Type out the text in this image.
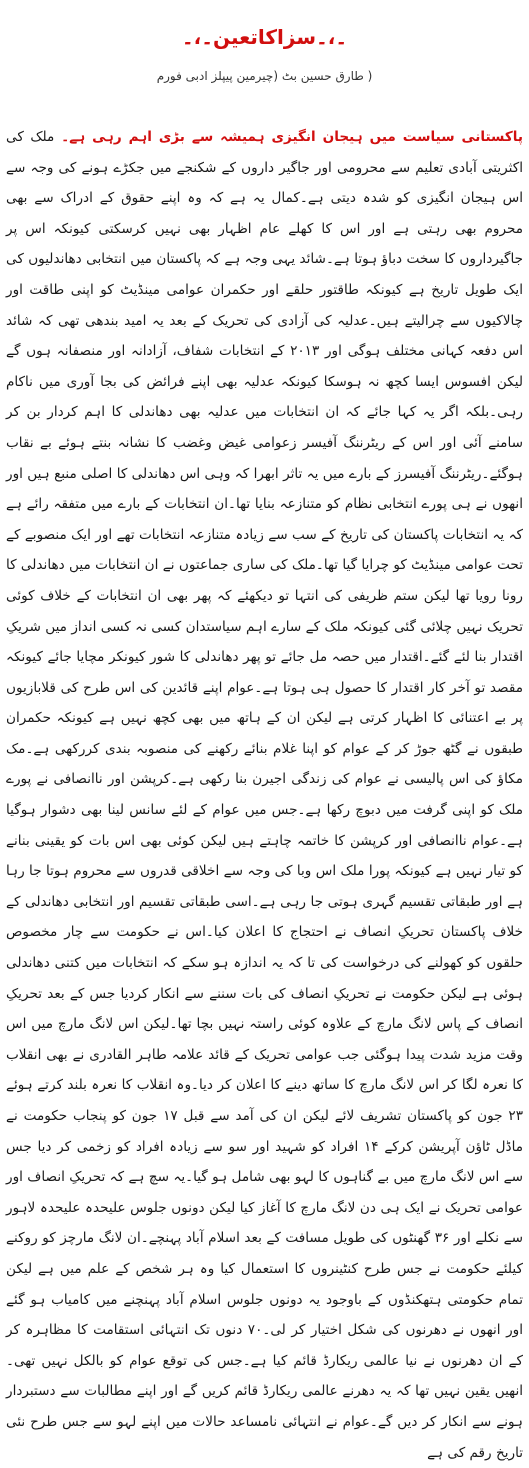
۔،۔سزاکاتعین۔،۔
( طارق حسین بٹ (چیرمین پیپلز ادبی فورم
پاکستانی سیاست میں ہیجان انگیزی ہمیشہ سے بڑی اہم رہی ہے۔ ملک کی اکثریتی آبادی تعلیم سے محرومی اور جاگیر داروں کے شکنجے میں جکڑے ہونے کی وجہ سے اس ہیجان انگیزی کو شدہ دیتی ہے۔کمال یہ ہے کہ وہ اپنے حقوق کے ادراک سے بھی محروم بھی رہتی ہے اور اس کا کھلے عام اظہار بھی نہیں کرسکتی کیونکہ اس پر جاگیرداروں کا سخت دباؤ ہوتا ہے۔شائد یہی وجہ ہے کہ پاکستان میں انتخابی دھاندلیوں کی ایک طویل تاریخ ہے کیونکہ طاقتور حلقے اور حکمران عوامی مینڈیٹ کو اپنی طاقت اور چالاکیوں سے چرالیتے ہیں۔عدلیہ کی آزادی کی تحریک کے بعد یہ امید بندھی تھی کہ شائد اس دفعہ کہانی مختلف ہوگی اور ۲۰۱۳ کے انتخابات شفاف، آزادانہ اور منصفانہ ہوں گے لیکن افسوس ایسا کچھ نہ ہوسکا کیونکہ عدلیہ بھی اپنے فرائض کی بجا آوری میں ناکام رہی۔بلکہ اگر یہ کہا جائے کہ ان انتخابات میں عدلیہ بھی دھاندلی کا اہم کردار بن کر سامنے آئی اور اس کے ریٹرننگ آفیسر زعوامی غیض وغضب کا نشانہ بنتے ہوئے بے نقاب ہوگئے۔ریٹرننگ آفیسرز کے بارے میں یہ تاثر ابھرا کہ وہی اس دھاندلی کا اصلی منبع ہیں اور انھوں نے ہی پورے انتخابی نظام کو متنازعہ بنایا تھا۔ان انتخابات کے بارے میں متفقہ رائے ہے کہ یہ انتخابات پاکستان کی تاریخ کے سب سے زیادہ متنازعہ انتخابات تھے اور ایک منصوبے کے تحت عوامی مینڈیٹ کو چرایا گیا تھا۔ملک کی ساری جماعتوں نے ان انتخابات میں دھاندلی کا رونا رویا تھا لیکن ستم ظریفی کی انتہا تو دیکھئے کہ پھر بھی ان انتخابات کے خلاف کوئی تحریک نہیں چلائی گئی کیونکہ ملک کے سارے اہم سیاستدان کسی نہ کسی انداز میں شریکِ اقتدار بنا لئے گئے۔اقتدار میں حصہ مل جائے تو پھر دھاندلی کا شور کیونکر مچایا جائے کیونکہ مقصد تو آخر کار اقتدار کا حصول ہی ہوتا ہے۔عوام اپنے قائدین کی اس طرح کی قلابازیوں پر بے اعتنائی کا اظہار کرتی ہے لیکن ان کے ہاتھ میں بھی کچھ نہیں ہے کیونکہ حکمران طبقوں نے گٹھ جوڑ کر کے عوام کو اپنا غلام بنائے رکھنے کی منصوبہ بندی کررکھی ہے۔مک مکاؤ کی اس پالیسی نے عوام کی زندگی اجیرن بنا رکھی ہے۔کرپشن اور ناانصافی نے پورے ملک کو اپنی گرفت میں دبوچ رکھا ہے۔جس میں عوام کے لئے سانس لینا بھی دشوار ہوگیا ہے۔عوام ناانصافی اور کرپشن کا خاتمہ چاہتے ہیں لیکن کوئی بھی اس بات کو یقینی بنانے کو تیار نہیں ہے کیونکہ پورا ملک اس وبا کی وجہ سے اخلاقی قدروں سے محروم ہوتا جا رہا ہے اور طبقاتی تقسیم گہری ہوتی جا رہی ہے۔اسی طبقاتی تقسیم اور انتخابی دھاندلی کے خلاف پاکستان تحریکِ انصاف نے احتجاج کا اعلان کیا۔اس نے حکومت سے چار مخصوص حلقوں کو کھولنے کی درخواست کی تا کہ یہ اندازہ ہو سکے کہ انتخابات میں کتنی دھاندلی ہوئی ہے لیکن حکومت نے تحریکِ انصاف کی بات سننے سے انکار کردیا جس کے بعد تحریکِ انصاف کے پاس لانگ مارچ کے علاوہ کوئی راستہ نہیں بچا تھا۔لیکن اس لانگ مارچ میں اس وقت مزید شدت پیدا ہوگئی جب عوامی تحریک کے قائد علامہ طاہر القادری نے بھی انقلاب کا نعرہ لگا کر اس لانگ مارچ کا ساتھ دینے کا اعلان کر دیا۔وہ انقلاب کا نعرہ بلند کرتے ہوئے ۲۳ جون کو پاکستان تشریف لائے لیکن ان کی آمد سے قبل ۱۷ جون کو پنجاب حکومت نے ماڈل ٹاؤن آپریشن کرکے ۱۴ افراد کو شہید اور سو سے زیادہ افراد کو زخمی کر دیا جس سے اس لانگ مارچ میں بے گناہوں کا لہو بھی شامل ہو گیا۔یہ سچ ہے کہ تحریکِ انصاف اور عوامی تحریک نے ایک ہی دن لانگ مارچ کا آغاز کیا لیکن دونوں جلوس علیحدہ علیحدہ لاہور سے نکلے اور ۳۶ گھنٹوں کی طویل مسافت کے بعد اسلام آباد پہنچے۔ان لانگ مارچز کو روکنے کیلئے حکومت نے جس طرح کنٹینروں کا استعمال کیا وہ ہر شخص کے علم میں ہے لیکن تمام حکومتی ہتھکنڈوں کے باوجود یہ دونوں جلوس اسلام آباد پہنچنے میں کامیاب ہو گئے اور انھوں نے دھرنوں کی شکل اختیار کر لی۔۷۰ دنوں تک انتہائی استقامت کا مظاہرہ کر کے ان دھرنوں نے نیا عالمی ریکارڈ قائم کیا ہے۔جس کی توقع عوام کو بالکل نہیں تھی۔انھیں یقین نہیں تھا کہ یہ دھرنے عالمی ریکارڈ قائم کریں گے اور اپنے مطالبات سے دستبردار ہونے سے انکار کر دیں گے۔عوام نے انتہائی نامساعد حالات میں اپنے لہو سے جس طرح نئی تاریخ رقم کی ہے
